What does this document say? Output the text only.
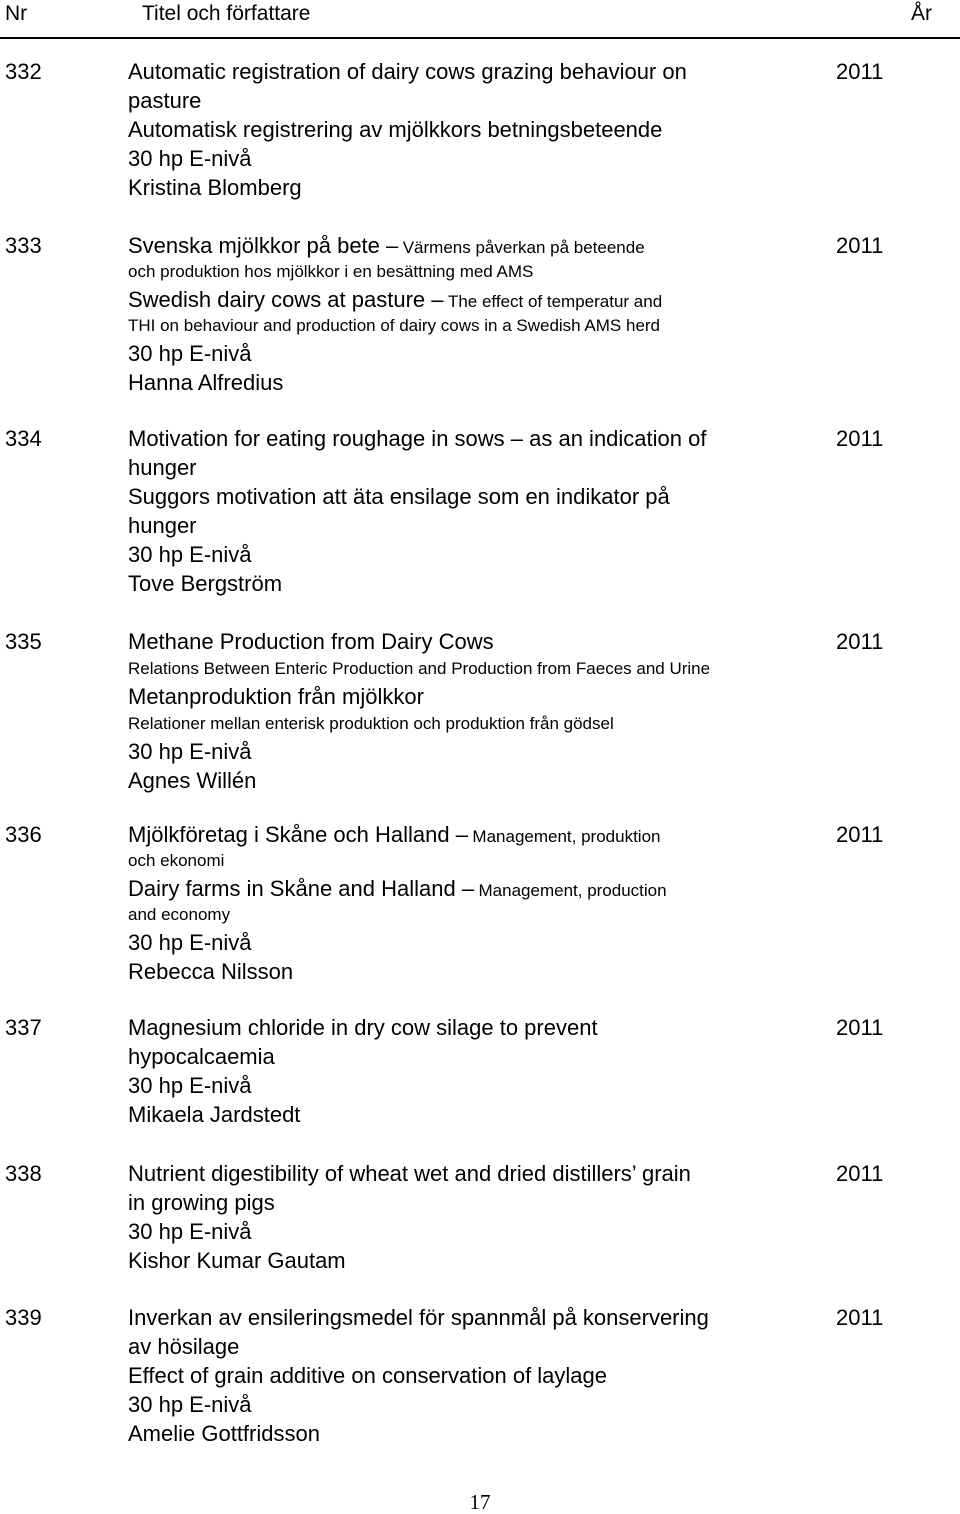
Nr	Titel och författare	År
332	Automatic registration of dairy cows grazing behaviour on
pasture
Automatisk registrering av mjölkkors betningsbeteende
30 hp E-nivå
Kristina Blomberg
2011
333	Svenska mjölkkor på bete – Värmens påverkan på beteende
och produktion hos mjölkkor i en besättning med AMS
Swedish dairy cows at pasture – The effect of temperatur and
THI on behaviour and production of dairy cows in a Swedish AMS herd
30 hp E-nivå
Hanna Alfredius
2011
334	Motivation for eating roughage in sows – as an indication of
hunger
Suggors motivation att äta ensilage som en indikator på
hunger
30 hp E-nivå
Tove Bergström
2011
335	Methane Production from Dairy Cows
Relations Between Enteric Production and Production from Faeces and Urine
Metanproduktion från mjölkkor
Relationer mellan enterisk produktion och produktion från gödsel
30 hp E-nivå
Agnes Willén
2011
336	Mjölkföretag i Skåne och Halland – Management, produktion
och ekonomi
Dairy farms in Skåne and Halland – Management, production
and economy
30 hp E-nivå
Rebecca Nilsson
2011
337	Magnesium chloride in dry cow silage to prevent
hypocalcaemia
30 hp E-nivå
Mikaela Jardstedt
2011
338	Nutrient digestibility of wheat wet and dried distillers’ grain
in growing pigs
30 hp E-nivå
Kishor Kumar Gautam
2011
339	Inverkan av ensileringsmedel för spannmål på konservering
av hösilage
Effect of grain additive on conservation of laylage
30 hp E-nivå
Amelie Gottfridsson
2011
17
